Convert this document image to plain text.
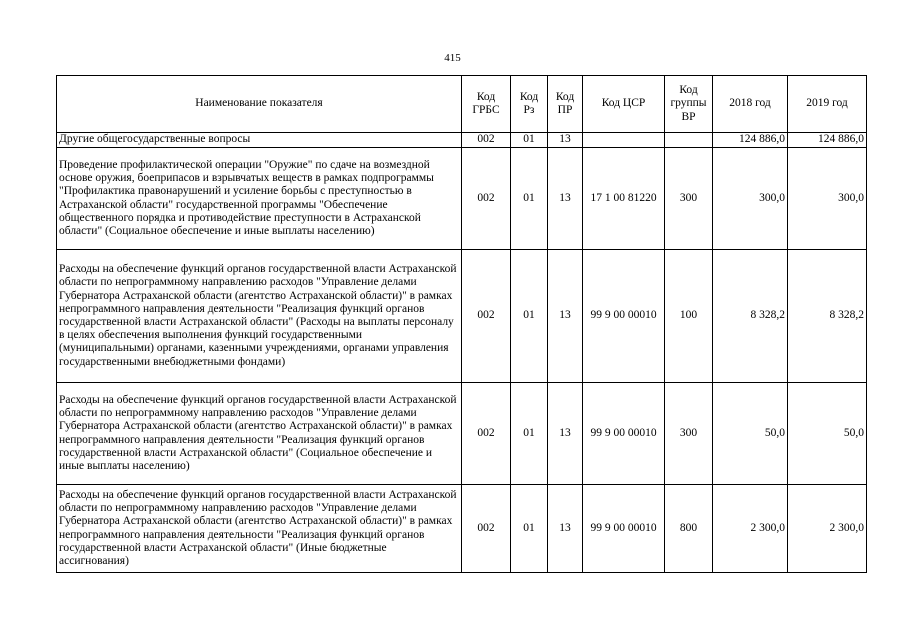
415
Наименование показателя	Код ГРБС	Код Рз	Код ПР	Код ЦСР	Код группы ВР	2018 год	2019 год
Другие общегосударственные вопросы	002	01	13			124 886,0	124 886,0
Проведение профилактической операции "Оружие" по сдаче на возмездной основе оружия, боеприпасов и взрывчатых веществ в рамках подпрограммы "Профилактика правонарушений и усиление борьбы с преступностью в Астраханской области" государственной программы "Обеспечение общественного порядка и противодействие преступности в Астраханской области" (Социальное обеспечение и иные выплаты населению)	002	01	13	17 1 00 81220	300	300,0	300,0
Расходы на обеспечение функций органов государственной власти Астраханской области по непрограммному направлению расходов "Управление делами Губернатора Астраханской области (агентство Астраханской области)" в рамках непрограммного направления деятельности "Реализация функций органов государственной власти Астраханской области" (Расходы на выплаты персоналу в целях обеспечения выполнения функций государственными (муниципальными) органами, казенными учреждениями, органами управления государственными внебюджетными фондами)	002	01	13	99 9 00 00010	100	8 328,2	8 328,2
Расходы на обеспечение функций органов государственной власти Астраханской области по непрограммному направлению расходов "Управление делами Губернатора Астраханской области (агентство Астраханской области)" в рамках непрограммного направления деятельности "Реализация функций органов государственной власти Астраханской области" (Социальное обеспечение и иные выплаты населению)	002	01	13	99 9 00 00010	300	50,0	50,0
Расходы на обеспечение функций органов государственной власти Астраханской области по непрограммному направлению расходов "Управление делами Губернатора Астраханской области (агентство Астраханской области)" в рамках непрограммного направления деятельности "Реализация функций органов государственной власти Астраханской области" (Иные бюджетные ассигнования)	002	01	13	99 9 00 00010	800	2 300,0	2 300,0
